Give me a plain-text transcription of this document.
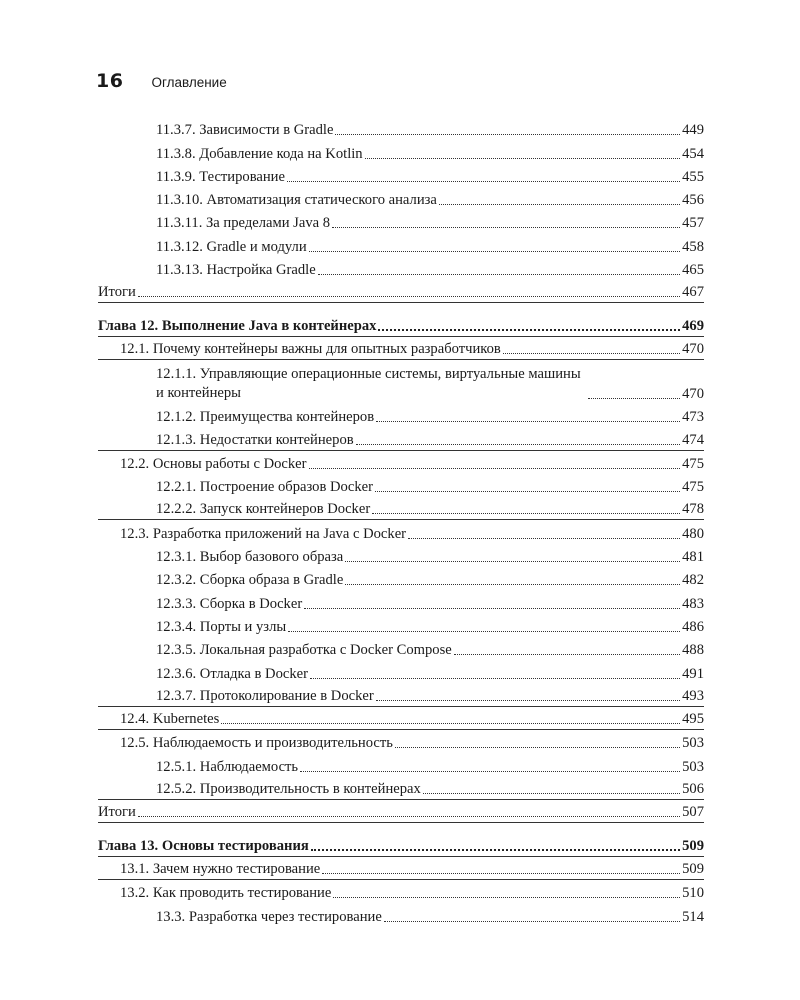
16 Оглавление
11.3.7. Зависимости в Gradle	449
11.3.8. Добавление кода на Kotlin	454
11.3.9. Тестирование	455
11.3.10. Автоматизация статического анализа	456
11.3.11. За пределами Java 8	457
11.3.12. Gradle и модули	458
11.3.13. Настройка Gradle	465
Итоги	467
Глава 12. Выполнение Java в контейнерах	469
12.1. Почему контейнеры важны для опытных разработчиков	470
12.1.1. Управляющие операционные системы, виртуальные машины и контейнеры	470
12.1.2. Преимущества контейнеров	473
12.1.3. Недостатки контейнеров	474
12.2. Основы работы с Docker	475
12.2.1. Построение образов Docker	475
12.2.2. Запуск контейнеров Docker	478
12.3. Разработка приложений на Java с Docker	480
12.3.1. Выбор базового образа	481
12.3.2. Сборка образа в Gradle	482
12.3.3. Сборка в Docker	483
12.3.4. Порты и узлы	486
12.3.5. Локальная разработка с Docker Compose	488
12.3.6. Отладка в Docker	491
12.3.7. Протоколирование в Docker	493
12.4. Kubernetes	495
12.5. Наблюдаемость и производительность	503
12.5.1. Наблюдаемость	503
12.5.2. Производительность в контейнерах	506
Итоги	507
Глава 13. Основы тестирования	509
13.1. Зачем нужно тестирование	509
13.2. Как проводить тестирование	510
13.3. Разработка через тестирование	514
